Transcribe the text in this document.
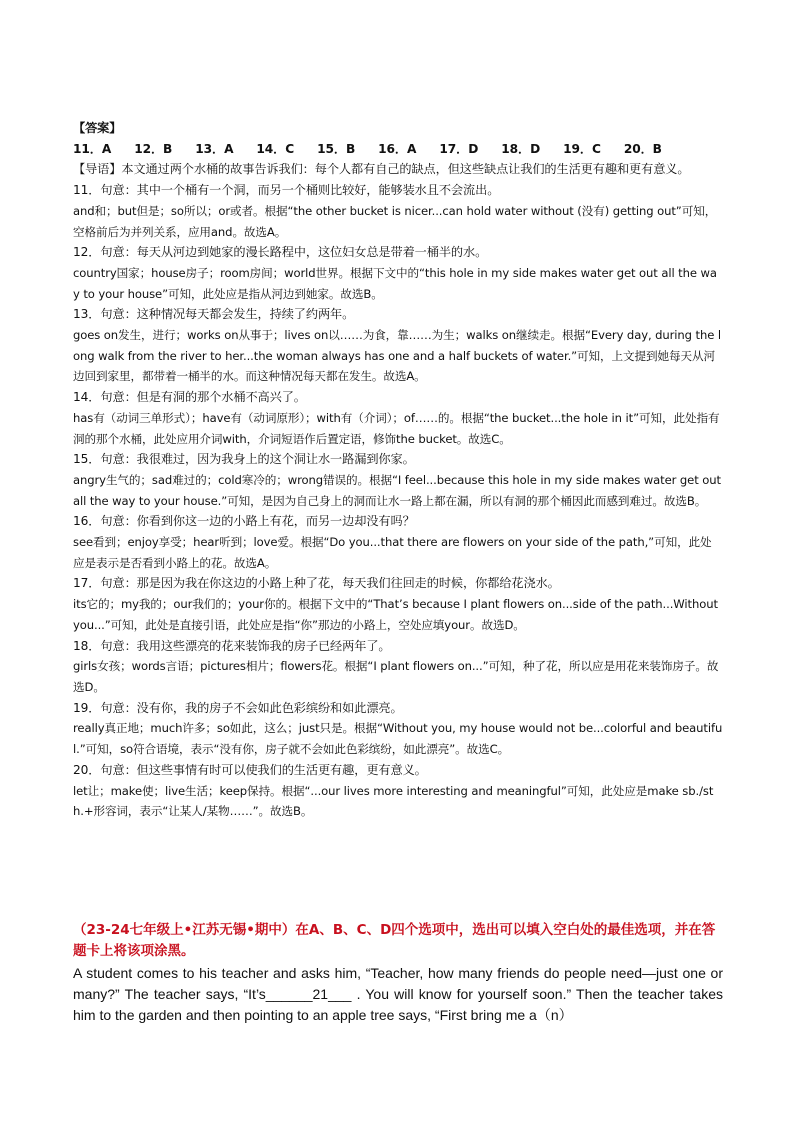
【答案】

11．A 12．B 13．A 14．C 15．B 16．A 17．D 18．D 19．C 20．B

【导语】本文通过两个水桶的故事告诉我们：每个人都有自己的缺点，但这些缺点让我们的生活更有趣和更有意义。

11．句意：其中一个桶有一个洞，而另一个桶则比较好，能够装水且不会流出。

and和；but但是；so所以；or或者。根据“the other bucket is nicer...can hold water without (没有) getting out”可知，空格前后为并列关系，应用and。故选A。

12．句意：每天从河边到她家的漫长路程中，这位妇女总是带着一桶半的水。

country国家；house房子；room房间；world世界。根据下文中的“this hole in my side makes water get out all the way to your house”可知，此处应是指从河边到她家。故选B。

13．句意：这种情况每天都会发生，持续了约两年。

goes on发生，进行；works on从事于；lives on以……为食，靠……为生；walks on继续走。根据“Every day, during the long walk from the river to her...the woman always has one and a half buckets of water.”可知，上文提到她每天从河边回到家里，都带着一桶半的水。而这种情况每天都在发生。故选A。

14．句意：但是有洞的那个水桶不高兴了。

has有（动词三单形式）；have有（动词原形）；with有（介词）；of……的。根据“the bucket...the hole in it”可知，此处指有洞的那个水桶，此处应用介词with，介词短语作后置定语，修饰the bucket。故选C。

15．句意：我很难过，因为我身上的这个洞让水一路漏到你家。

angry生气的；sad难过的；cold寒冷的；wrong错误的。根据“I feel...because this hole in my side makes water get out all the way to your house.”可知，是因为自己身上的洞而让水一路上都在漏，所以有洞的那个桶因此而感到难过。故选B。

16．句意：你看到你这一边的小路上有花，而另一边却没有吗？

see看到；enjoy享受；hear听到；love爱。根据“Do you...that there are flowers on your side of the path,”可知，此处应是表示是否看到小路上的花。故选A。

17．句意：那是因为我在你这边的小路上种了花，每天我们往回走的时候，你都给花浇水。

its它的；my我的；our我们的；your你的。根据下文中的“That’s because I plant flowers on...side of the path...Without you...”可知，此处是直接引语，此处应是指“你”那边的小路上，空处应填your。故选D。

18．句意：我用这些漂亮的花来装饰我的房子已经两年了。

girls女孩；words言语；pictures相片；flowers花。根据“I plant flowers on...”可知，种了花，所以应是用花来装饰房子。故选D。

19．句意：没有你，我的房子不会如此色彩缤纷和如此漂亮。

really真正地；much许多；so如此，这么；just只是。根据“Without you, my house would not be...colorful and beautiful.”可知，so符合语境，表示“没有你，房子就不会如此色彩缤纷，如此漂亮”。故选C。

20．句意：但这些事情有时可以使我们的生活更有趣，更有意义。

let让；make使；live生活；keep保持。根据“...our lives more interesting and meaningful”可知，此处应是make sb./sth.+形容词，表示“让某人/某物……”。故选B。

（23-24七年级上•江苏无锡•期中）在A、B、C、D四个选项中，选出可以填入空白处的最佳选项，并在答题卡上将该项涂黑。

A student comes to his teacher and asks him, “Teacher, how many friends do people need—just one or many?” The teacher says, “It’s______21___ . You will know for yourself soon.” Then the teacher takes him to the garden and then pointing to an apple tree says, “First bring me a（n）
